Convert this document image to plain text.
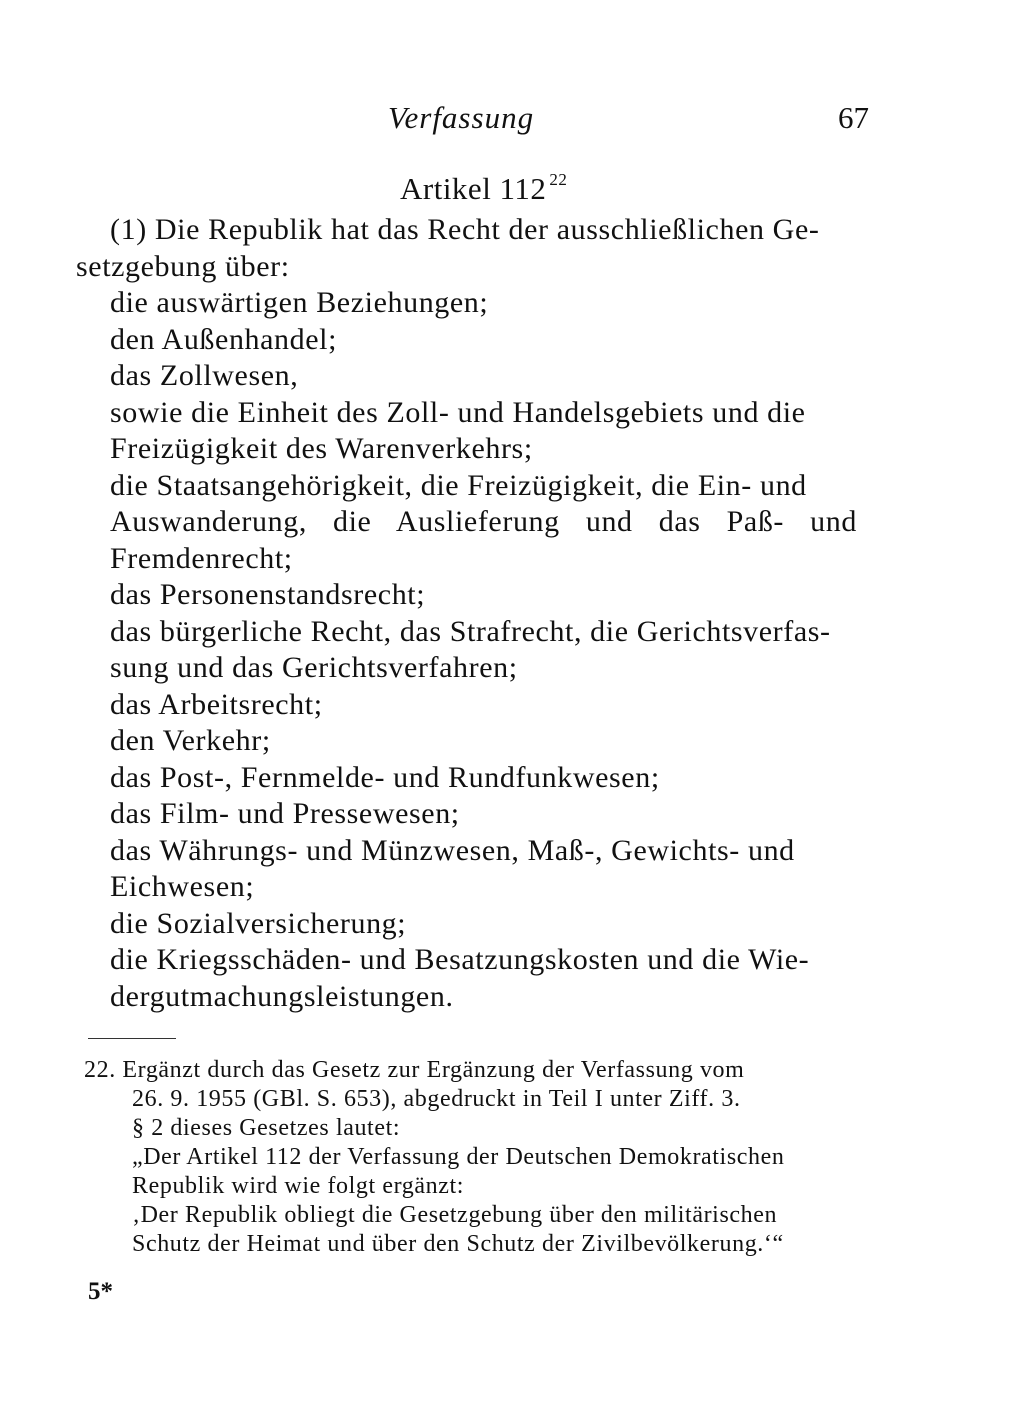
Verfassung	67
Artikel 112 $^{22}$
(1) Die Republik hat das Recht der ausschließlichen Ge-
setzgebung über:
die auswärtigen Beziehungen;
den Außenhandel;
das Zollwesen,
sowie die Einheit des Zoll- und Handelsgebiets und die
Freizügigkeit des Warenverkehrs;
die Staatsangehörigkeit, die Freizügigkeit, die Ein- und
Auswanderung, die Auslieferung und das Paß- und
Fremdenrecht;
das Personenstandsrecht;
das bürgerliche Recht, das Strafrecht, die Gerichtsverfas-
sung und das Gerichtsverfahren;
das Arbeitsrecht;
den Verkehr;
das Post-, Fernmelde- und Rundfunkwesen;
das Film- und Pressewesen;
das Währungs- und Münzwesen, Maß-, Gewichts- und
Eichwesen;
die Sozialversicherung;
die Kriegsschäden- und Besatzungskosten und die Wie-
dergutmachungsleistungen.
22. Ergänzt durch das Gesetz zur Ergänzung der Verfassung vom
26. 9. 1955 (GBl. S. 653), abgedruckt in Teil I unter Ziff. 3.
§ 2 dieses Gesetzes lautet:
„Der Artikel 112 der Verfassung der Deutschen Demokratischen
Republik wird wie folgt ergänzt:
‚Der Republik obliegt die Gesetzgebung über den militärischen
Schutz der Heimat und über den Schutz der Zivilbevölkerung.‘“
5*
